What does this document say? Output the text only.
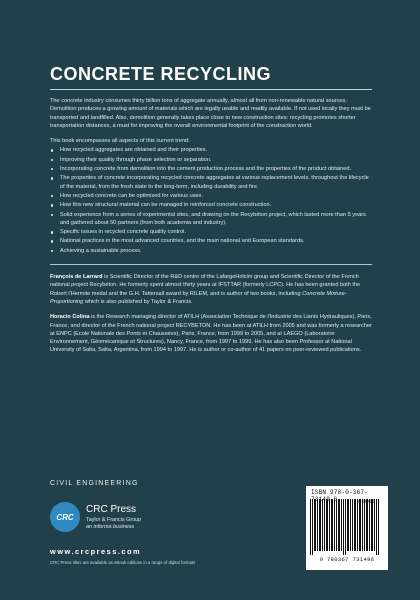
CONCRETE RECYCLING

The concrete industry consumes thirty billion tons of aggregate annually, almost all from non-renewable natural sources. Demolition produces a growing amount of materials which are legally usable and readily available. If not used locally they must be transported and landfilled. Also, demolition generally takes place close to new construction sites: recycling promotes shorter transportation distances, a must for improving the overall environmental footprint of the construction world.

This book encompasses all aspects of this current trend:

How recycled aggregates are obtained and their properties.
Improving their quality through phase selection or separation.
Incorporating concrete from demolition into the cement production process and the properties of the product obtained.
The properties of concrete incorporating recycled concrete aggregates at various replacement levels, throughout the lifecycle of the material, from the fresh state to the long-term, including durability and fire.
How recycled concrete can be optimised for various uses.
How this new structural material can be managed in reinforced concrete construction.
Solid experience from a series of experimental sites, and drawing on the Recybéton project, which lasted more than 5 years and gathered about 50 partners (from both academia and industry).
Specific issues in recycled concrete quality control.
National practices in the most advanced countries, and the main national and European standards.
Achieving a sustainable process.

François de Larrard is Scientific Director of the R&D centre of the LafargeHolcim group and Scientific Director of the French national project Recybéton. He formerly spent almost thirty years at IFSTTAR (formerly LCPC). He has been granted both the Robert l'Hermite medal and the G.H. Tattersall award by RILEM, and is author of two books, including Concrete Mixture-Proportioning which is also published by Taylor & Francis.

Horacio Colina is the Research managing director of ATILH (Association Technique de l'Industrie des Liants Hydrauliques), Paris, France, and director of the French national project RECYBETON. He has been at ATILH from 2005 and was formerly a researcher at ENPC (Ecole Nationale des Ponts et Chaussées), Paris, France, from 1999 to 2005, and at LAEGO (Laboratoire Environnement, Géomécanique et Structures), Nancy, France, from 1997 to 1999. He has also been Professor at National University of Salta, Salta, Argentina, from 1994 to 1997. He is author or co-author of 41 papers on peer-reviewed publications.

CIVIL ENGINEERING
CRC
CRC Press
Taylor & Francis Group
an informa business
www.crcpress.com
CRC Press titles are available as eBook editions in a range of digital formats
ISBN 978-0-367- 3149-6	90000
9 780367 731496
